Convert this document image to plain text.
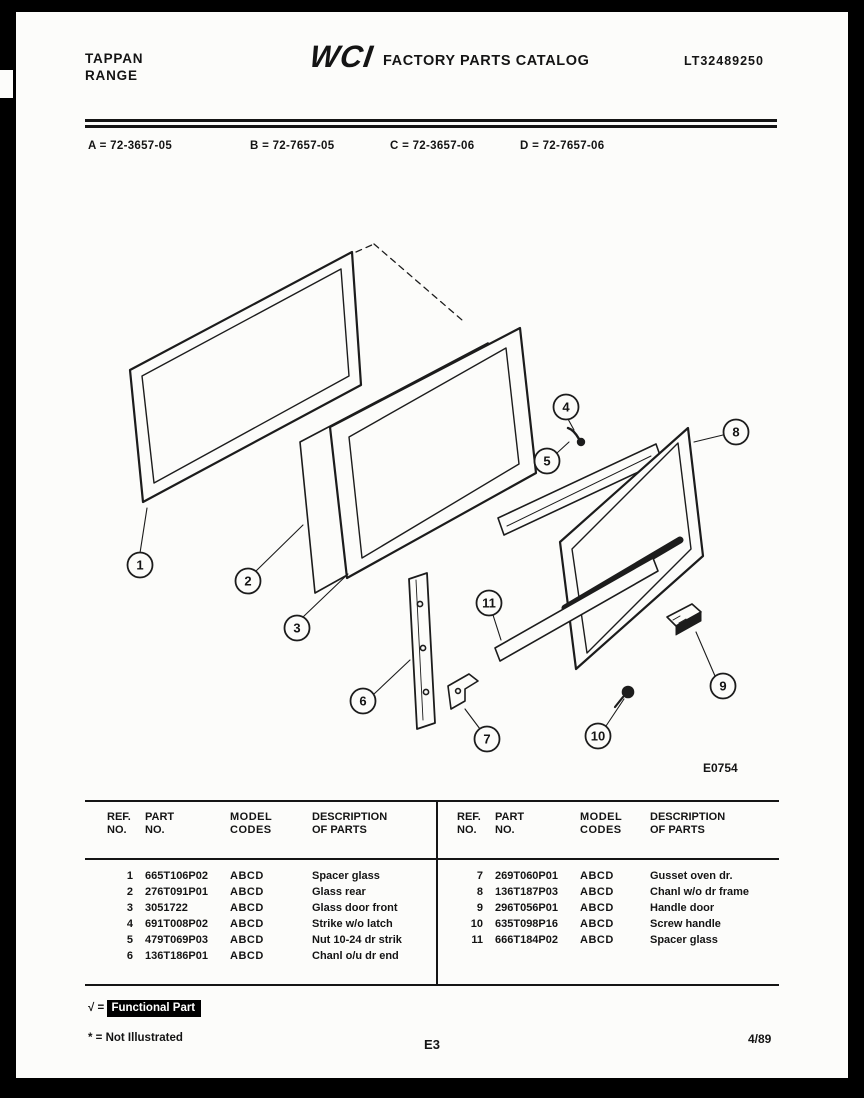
TAPPAN
RANGE
WCI FACTORY PARTS CATALOG	LT32489250
A = 72-3657-05	B = 72-7657-05	C = 72-3657-06	D = 72-7657-06
1
2
3
4
5
6
7
8
9
10
11
E0754
REF.
NO.
PART
NO.
MODEL
CODES
DESCRIPTION
OF PARTS
1	665T106P02	ABCD	Spacer glass
2	276T091P01	ABCD	Glass rear
3	3051722	ABCD	Glass door front
4	691T008P02	ABCD	Strike w/o latch
5	479T069P03	ABCD	Nut 10-24 dr strik
6	136T186P01	ABCD	Chanl o/u dr end
REF.
NO.
PART
NO.
MODEL
CODES
DESCRIPTION
OF PARTS
7	269T060P01	ABCD	Gusset oven dr.
8	136T187P03	ABCD	Chanl w/o dr frame
9	296T056P01	ABCD	Handle door
10	635T098P16	ABCD	Screw handle
11	666T184P02	ABCD	Spacer glass
√ = Functional Part
* = Not Illustrated	E3	4/89
